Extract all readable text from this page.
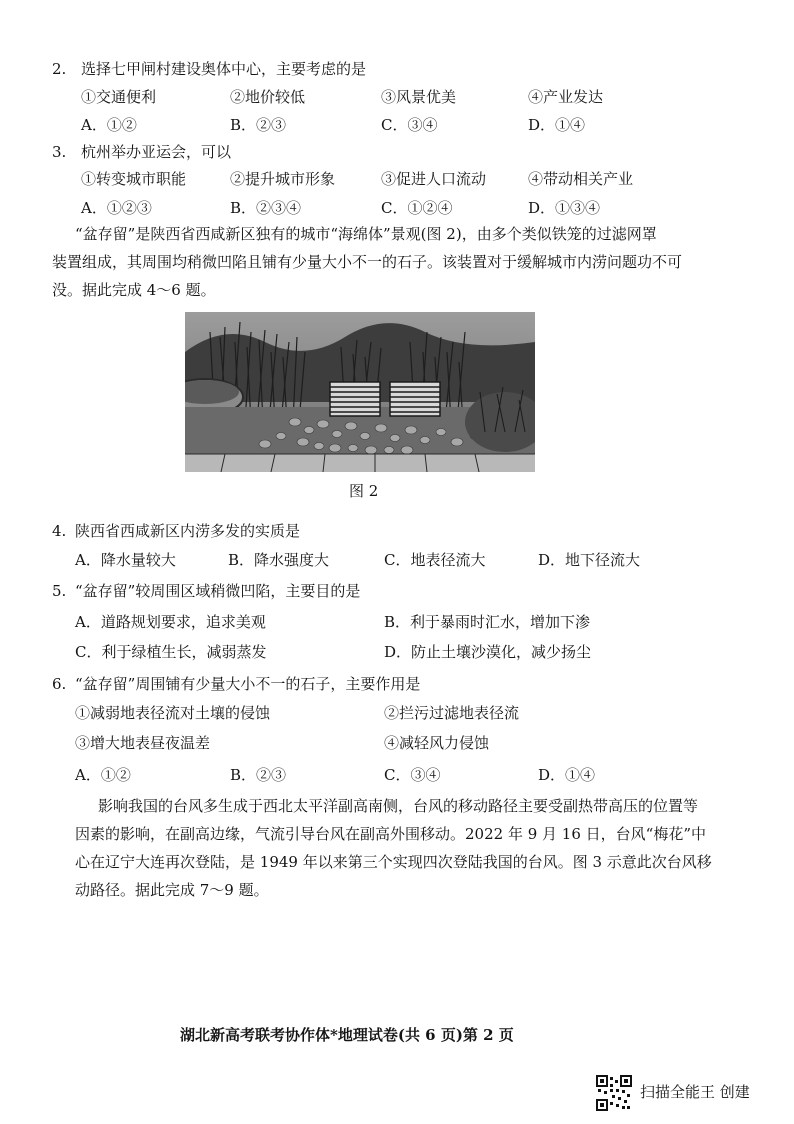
2. 选择七甲闸村建设奥体中心，主要考虑的是
①交通便利	②地价较低	③风景优美	④产业发达
A．①②	B．②③	C．③④	D．①④
3. 杭州举办亚运会，可以
①转变城市职能	②提升城市形象	③促进人口流动	④带动相关产业
A．①②③	B．②③④	C．①②④	D．①③④
“盆存留”是陕西省西咸新区独有的城市“海绵体”景观(图 2)，由多个类似铁笼的过滤网罩
装置组成，其周围均稍微凹陷且铺有少量大小不一的石子。该装置对于缓解城市内涝问题功不可
没。据此完成 4～6 题。
图 2
4. 陕西省西咸新区内涝多发的实质是
A．降水量较大	B．降水强度大	C．地表径流大	D．地下径流大
5. “盆存留”较周围区域稍微凹陷，主要目的是
A．道路规划要求，追求美观	B．利于暴雨时汇水，增加下渗
C．利于绿植生长，减弱蒸发	D．防止土壤沙漠化，减少扬尘
6. “盆存留”周围铺有少量大小不一的石子，主要作用是
①减弱地表径流对土壤的侵蚀	②拦污过滤地表径流
③增大地表昼夜温差	④减轻风力侵蚀
A．①②	B．②③	C．③④	D．①④
影响我国的台风多生成于西北太平洋副高南侧，台风的移动路径主要受副热带高压的位置等
因素的影响，在副高边缘，气流引导台风在副高外围移动。2022 年 9 月 16 日，台风“梅花”中
心在辽宁大连再次登陆，是 1949 年以来第三个实现四次登陆我国的台风。图 3 示意此次台风移
动路径。据此完成 7～9 题。
湖北新高考联考协作体*地理试卷(共 6 页)第 2 页
扫描全能王 创建
